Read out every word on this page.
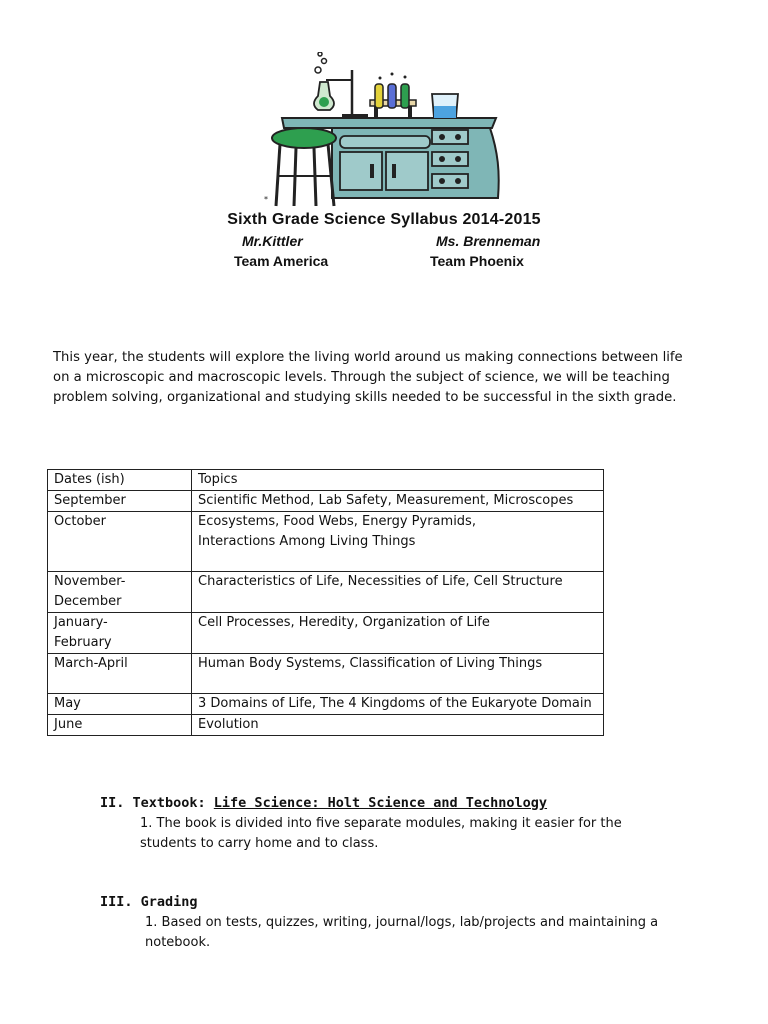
*
Sixth Grade Science Syllabus 2014-2015
Mr.Kittler	Ms. Brenneman
Team America	Team Phoenix

This year, the students will explore the living world around us making connections between life on a microscopic and macroscopic levels. Through the subject of science, we will be teaching problem solving, organizational and studying skills needed to be successful in the sixth grade.

Dates (ish)	Topics
September	Scientific Method, Lab Safety, Measurement, Microscopes
October	Ecosystems, Food Webs, Energy Pyramids, Interactions Among Living Things
November-December	Characteristics of Life, Necessities of Life, Cell Structure
January-February	Cell Processes, Heredity, Organization of Life
March-April	Human Body Systems, Classification of Living Things
May	3 Domains of Life, The 4 Kingdoms of the Eukaryote Domain
June	Evolution
II. Textbook: Life Science: Holt Science and Technology
1. The book is divided into five separate modules, making it easier for the students to carry home and to class.
III. Grading
1. Based on tests, quizzes, writing, journal/logs, lab/projects and maintaining a notebook.
